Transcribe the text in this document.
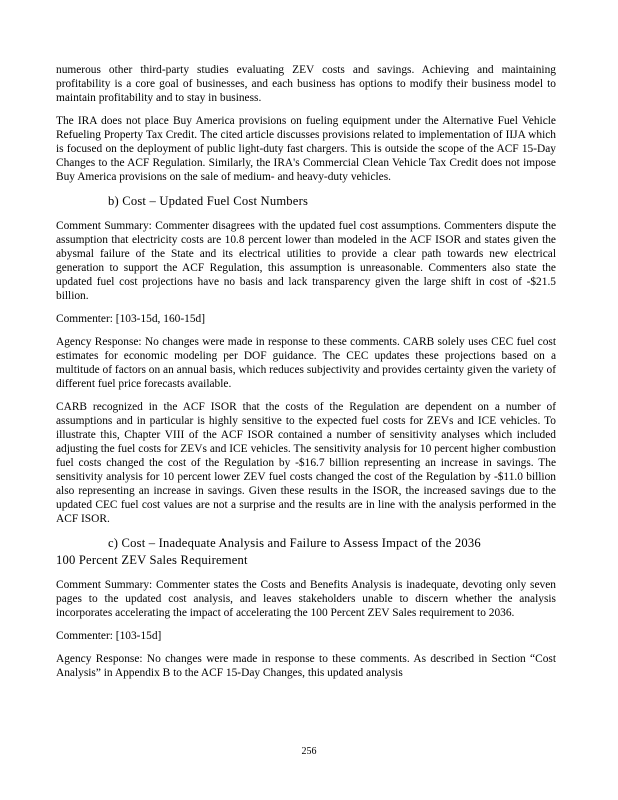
numerous other third-party studies evaluating ZEV costs and savings. Achieving and maintaining profitability is a core goal of businesses, and each business has options to modify their business model to maintain profitability and to stay in business.

The IRA does not place Buy America provisions on fueling equipment under the Alternative Fuel Vehicle Refueling Property Tax Credit. The cited article discusses provisions related to implementation of IIJA which is focused on the deployment of public light-duty fast chargers. This is outside the scope of the ACF 15-Day Changes to the ACF Regulation. Similarly, the IRA's Commercial Clean Vehicle Tax Credit does not impose Buy America provisions on the sale of medium- and heavy-duty vehicles.

b) Cost – Updated Fuel Cost Numbers

Comment Summary: Commenter disagrees with the updated fuel cost assumptions. Commenters dispute the assumption that electricity costs are 10.8 percent lower than modeled in the ACF ISOR and states given the abysmal failure of the State and its electrical utilities to provide a clear path towards new electrical generation to support the ACF Regulation, this assumption is unreasonable. Commenters also state the updated fuel cost projections have no basis and lack transparency given the large shift in cost of -$21.5 billion.

Commenter: [103-15d, 160-15d]

Agency Response: No changes were made in response to these comments. CARB solely uses CEC fuel cost estimates for economic modeling per DOF guidance. The CEC updates these projections based on a multitude of factors on an annual basis, which reduces subjectivity and provides certainty given the variety of different fuel price forecasts available.

CARB recognized in the ACF ISOR that the costs of the Regulation are dependent on a number of assumptions and in particular is highly sensitive to the expected fuel costs for ZEVs and ICE vehicles. To illustrate this, Chapter VIII of the ACF ISOR contained a number of sensitivity analyses which included adjusting the fuel costs for ZEVs and ICE vehicles. The sensitivity analysis for 10 percent higher combustion fuel costs changed the cost of the Regulation by -$16.7 billion representing an increase in savings. The sensitivity analysis for 10 percent lower ZEV fuel costs changed the cost of the Regulation by -$11.0 billion also representing an increase in savings. Given these results in the ISOR, the increased savings due to the updated CEC fuel cost values are not a surprise and the results are in line with the analysis performed in the ACF ISOR.

c) Cost – Inadequate Analysis and Failure to Assess Impact of the 2036
100 Percent ZEV Sales Requirement

Comment Summary: Commenter states the Costs and Benefits Analysis is inadequate, devoting only seven pages to the updated cost analysis, and leaves stakeholders unable to discern whether the analysis incorporates accelerating the impact of accelerating the 100 Percent ZEV Sales requirement to 2036.

Commenter: [103-15d]

Agency Response: No changes were made in response to these comments. As described in Section “Cost Analysis” in Appendix B to the ACF 15-Day Changes, this updated analysis

256
